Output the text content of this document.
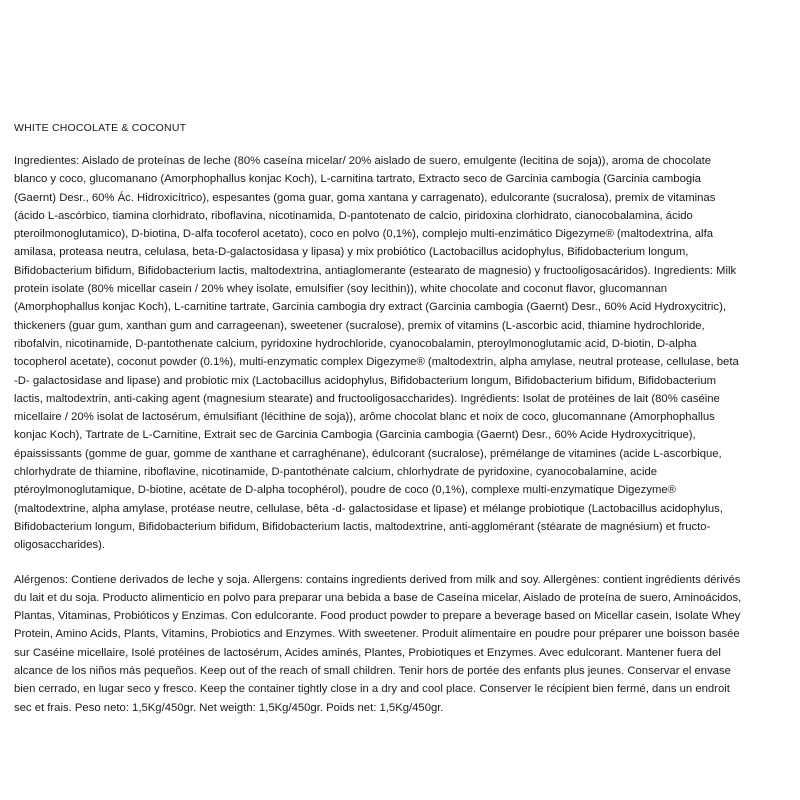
WHITE CHOCOLATE & COCONUT

Ingredientes: Aislado de proteínas de leche (80% caseína micelar/ 20% aislado de suero, emulgente (lecitina de soja)), aroma de chocolate blanco y coco, glucomanano (Amorphophallus konjac Koch), L-carnitina tartrato, Extracto seco de Garcinia cambogia (Garcinia cambogia (Gaernt) Desr., 60% Ác. Hidroxicítrico), espesantes (goma guar, goma xantana y carragenato), edulcorante (sucralosa), premix de vitaminas (ácido L-ascórbico, tiamina clorhidrato, riboflavina, nicotinamida, D-pantotenato de calcio, piridoxina clorhidrato, cianocobalamina, ácido pteroilmonoglutamico), D-biotina, D-alfa tocoferol acetato), coco en polvo (0,1%), complejo multi-enzimático Digezyme® (maltodextrina, alfa amilasa, proteasa neutra, celulasa, beta-D-galactosidasa y lipasa) y mix probiótico (Lactobacillus acidophylus, Bifidobacterium longum, Bifidobacterium bifidum, Bifidobacterium lactis, maltodextrina, antiaglomerante (estearato de magnesio) y fructooligosacáridos). Ingredients: Milk protein isolate (80% micellar casein / 20% whey isolate, emulsifier (soy lecithin)), white chocolate and coconut flavor, glucomannan (Amorphophallus konjac Koch), L-carnitine tartrate, Garcinia cambogia dry extract (Garcinia cambogia (Gaernt) Desr., 60% Acid Hydroxycitric), thickeners (guar gum, xanthan gum and carrageenan), sweetener (sucralose), premix of vitamins (L-ascorbic acid, thiamine hydrochloride, ribofalvin, nicotinamide, D-pantothenate calcium, pyridoxine hydrochloride, cyanocobalamin, pteroylmonoglutamic acid, D-biotin, D-alpha tocopherol acetate), coconut powder (0.1%), multi-enzymatic complex Digezyme® (maltodextrin, alpha amylase, neutral protease, cellulase, beta -D- galactosidase and lipase) and probiotic mix (Lactobacillus acidophylus, Bifidobacterium longum, Bifidobacterium bifidum, Bifidobacterium lactis, maltodextrin, anti-caking agent (magnesium stearate) and fructooligosaccharides). Ingrédients: Isolat de protéines de lait (80% caséine micellaire / 20% isolat de lactosérum, émulsifiant (lécithine de soja)), arôme chocolat blanc et noix de coco, glucomannane (Amorphophallus konjac Koch), Tartrate de L-Carnitine, Extrait sec de Garcinia Cambogia (Garcinia cambogia (Gaernt) Desr., 60% Acide Hydroxycitrique), épaississants (gomme de guar, gomme de xanthane et carraghénane), édulcorant (sucralose), prémélange de vitamines (acide L-ascorbique, chlorhydrate de thiamine, riboflavine, nicotinamide, D-pantothénate calcium, chlorhydrate de pyridoxine, cyanocobalamine, acide ptéroylmonoglutamique, D-biotine, acétate de D-alpha tocophérol), poudre de coco (0,1%), complexe multi-enzymatique Digezyme® (maltodextrine, alpha amylase, protéase neutre, cellulase, bêta -d- galactosidase et lipase) et mélange probiotique (Lactobacillus acidophylus, Bifidobacterium longum, Bifidobacterium bifidum, Bifidobacterium lactis, maltodextrine, anti-agglomérant (stéarate de magnésium) et fructo-oligosaccharides).

Alérgenos: Contiene derivados de leche y soja. Allergens: contains ingredients derived from milk and soy. Allergènes: contient ingrédients dérivés du lait et du soja. Producto alimenticio en polvo para preparar una bebida a base de Caseína micelar, Aislado de proteína de suero, Aminoácidos, Plantas, Vitaminas, Probióticos y Enzimas. Con edulcorante. Food product powder to prepare a beverage based on Micellar casein, Isolate Whey Protein, Amino Acids, Plants, Vitamins, Probiotics and Enzymes. With sweetener. Produit alimentaire en poudre pour préparer une boisson basée sur Caséine micellaire, Isolé protéines de lactosérum, Acides aminés, Plantes, Probiotiques et Enzymes. Avec edulcorant. Mantener fuera del alcance de los niños más pequeños. Keep out of the reach of small children. Tenir hors de portée des enfants plus jeunes. Conservar el envase bien cerrado, en lugar seco y fresco. Keep the container tightly close in a dry and cool place. Conserver le récipient bien fermé, dans un endroit sec et frais. Peso neto: 1,5Kg/450gr. Net weigth: 1,5Kg/450gr. Poids net: 1,5Kg/450gr.
